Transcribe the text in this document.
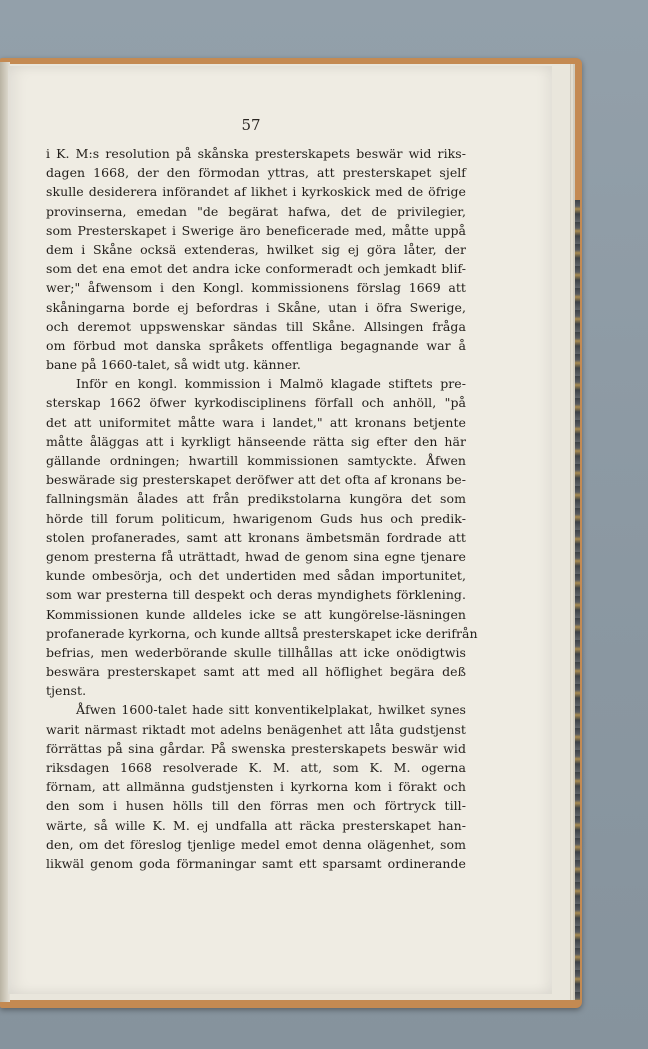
57
i K. M:s resolution på skånska presterskapets beswär wid riks-
dagen 1668, der den förmodan yttras, att presterskapet sjelf
skulle desiderera införandet af likhet i kyrkoskick med de öfrige
provinserna, emedan "de begärat hafwa, det de privilegier,
som Presterskapet i Swerige äro beneficerade med, måtte uppå
dem i Skåne ocksä extenderas, hwilket sig ej göra låter, der
som det ena emot det andra icke conformeradt och jemkadt blif-
wer;" åfwensom i den Kongl. kommissionens förslag 1669 att
skåningarna borde ej befordras i Skåne, utan i öfra Swerige,
och deremot uppswenskar sändas till Skåne. Allsingen fråga
om förbud mot danska språkets offentliga begagnande war å
bane på 1660-talet, så widt utg. känner.
Inför en kongl. kommission i Malmö klagade stiftets pre-
sterskap 1662 öfwer kyrkodisciplinens förfall och anhöll, "på
det att uniformitet måtte wara i landet," att kronans betjente
måtte åläggas att i kyrkligt hänseende rätta sig efter den här
gällande ordningen; hwartill kommissionen samtyckte. Åfwen
beswärade sig presterskapet deröfwer att det ofta af kronans be-
fallningsmän ålades att från predikstolarna kungöra det som
hörde till forum politicum, hwarigenom Guds hus och predik-
stolen profanerades, samt att kronans ämbetsmän fordrade att
genom presterna få uträttadt, hwad de genom sina egne tjenare
kunde ombesörja, och det undertiden med sådan importunitet,
som war presterna till despekt och deras myndighets förklening.
Kommissionen kunde alldeles icke se att kungörelse-läsningen
profanerade kyrkorna, och kunde alltså presterskapet icke derifrån
befrias, men wederbörande skulle tillhållas att icke onödigtwis
beswära presterskapet samt att med all höflighet begära deß
tjenst.
Åfwen 1600-talet hade sitt konventikelplakat, hwilket synes
warit närmast riktadt mot adelns benägenhet att låta gudstjenst
förrättas på sina gårdar. På swenska presterskapets beswär wid
riksdagen 1668 resolverade K. M. att, som K. M. ogerna
förnam, att allmänna gudstjensten i kyrkorna kom i förakt och
den som i husen hölls till den förras men och förtryck till-
wärte, så wille K. M. ej undfalla att räcka presterskapet han-
den, om det föreslog tjenlige medel emot denna olägenhet, som
likwäl genom goda förmaningar samt ett sparsamt ordinerande
